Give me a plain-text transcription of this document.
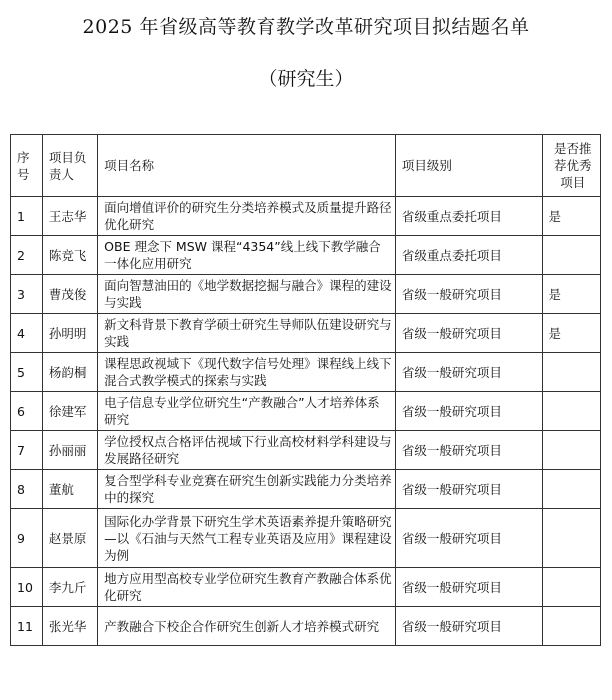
2025 年省级高等教育教学改革研究项目拟结题名单
（研究生）
序号	项目负责人	项目名称	项目级别	是否推荐优秀项目
1	王志华	面向增值评价的研究生分类培养模式及质量提升路径优化研究	省级重点委托项目	是
2	陈竞飞	OBE 理念下 MSW 课程“4354”线上线下教学融合一体化应用研究	省级重点委托项目	
3	曹茂俊	面向智慧油田的《地学数据挖掘与融合》课程的建设与实践	省级一般研究项目	是
4	孙明明	新文科背景下教育学硕士研究生导师队伍建设研究与实践	省级一般研究项目	是
5	杨韵桐	课程思政视域下《现代数字信号处理》课程线上线下混合式教学模式的探索与实践	省级一般研究项目	
6	徐建军	电子信息专业学位研究生“产教融合”人才培养体系研究	省级一般研究项目	
7	孙丽丽	学位授权点合格评估视域下行业高校材料学科建设与发展路径研究	省级一般研究项目	
8	董航	复合型学科专业竞赛在研究生创新实践能力分类培养中的探究	省级一般研究项目	
9	赵景原	国际化办学背景下研究生学术英语素养提升策略研究—以《石油与天然气工程专业英语及应用》课程建设为例	省级一般研究项目	
10	李九斤	地方应用型高校专业学位研究生教育产教融合体系优化研究	省级一般研究项目	
11	张光华	产教融合下校企合作研究生创新人才培养模式研究	省级一般研究项目	
